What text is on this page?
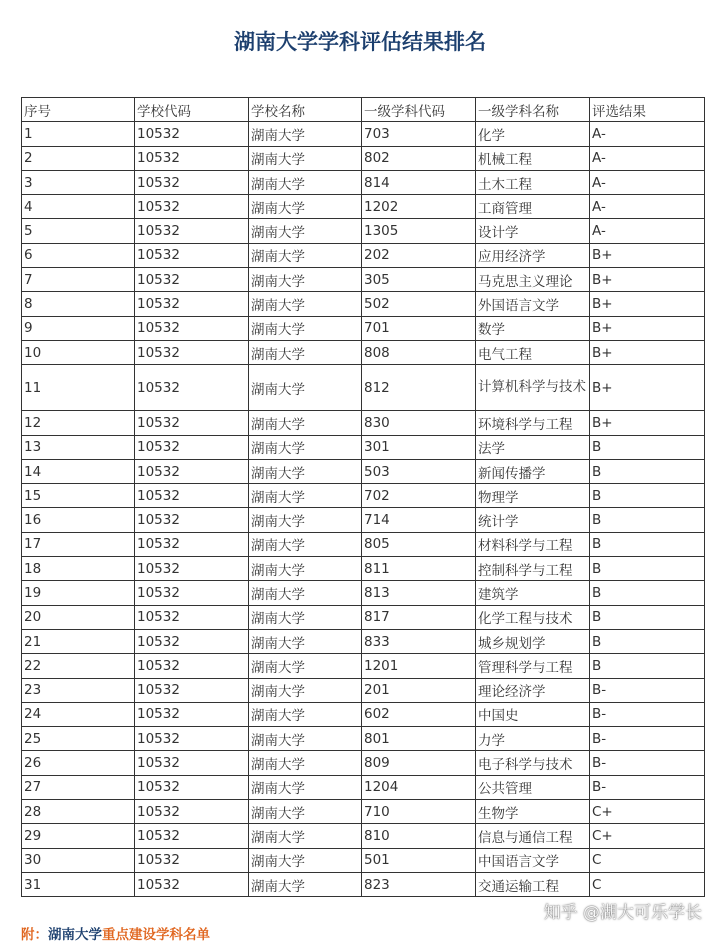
湖南大学学科评估结果排名
序号	学校代码	学校名称	一级学科代码	一级学科名称	评选结果
1	10532	湖南大学	703	化学	A-
2	10532	湖南大学	802	机械工程	A-
3	10532	湖南大学	814	土木工程	A-
4	10532	湖南大学	1202	工商管理	A-
5	10532	湖南大学	1305	设计学	A-
6	10532	湖南大学	202	应用经济学	B+
7	10532	湖南大学	305	马克思主义理论	B+
8	10532	湖南大学	502	外国语言文学	B+
9	10532	湖南大学	701	数学	B+
10	10532	湖南大学	808	电气工程	B+
11	10532	湖南大学	812	计算机科学与技术	B+
12	10532	湖南大学	830	环境科学与工程	B+
13	10532	湖南大学	301	法学	B
14	10532	湖南大学	503	新闻传播学	B
15	10532	湖南大学	702	物理学	B
16	10532	湖南大学	714	统计学	B
17	10532	湖南大学	805	材料科学与工程	B
18	10532	湖南大学	811	控制科学与工程	B
19	10532	湖南大学	813	建筑学	B
20	10532	湖南大学	817	化学工程与技术	B
21	10532	湖南大学	833	城乡规划学	B
22	10532	湖南大学	1201	管理科学与工程	B
23	10532	湖南大学	201	理论经济学	B-
24	10532	湖南大学	602	中国史	B-
25	10532	湖南大学	801	力学	B-
26	10532	湖南大学	809	电子科学与技术	B-
27	10532	湖南大学	1204	公共管理	B-
28	10532	湖南大学	710	生物学	C+
29	10532	湖南大学	810	信息与通信工程	C+
30	10532	湖南大学	501	中国语言文学	C
31	10532	湖南大学	823	交通运输工程	C
知乎 @湖大可乐学长
附：湖南大学重点建设学科名单
